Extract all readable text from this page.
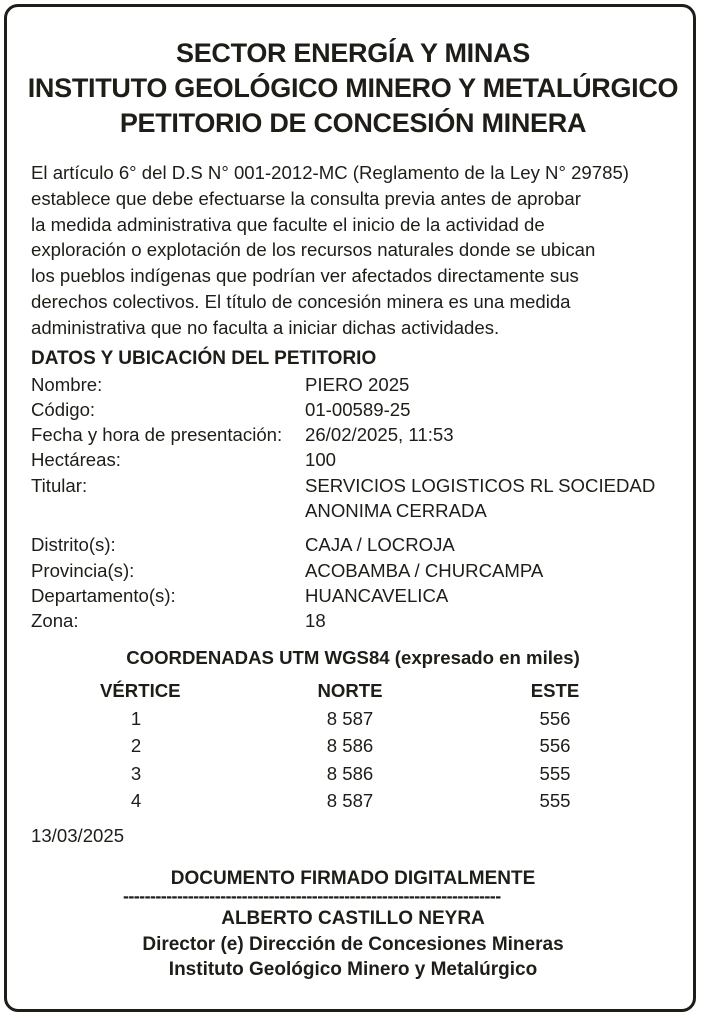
SECTOR ENERGÍA Y MINAS
INSTITUTO GEOLÓGICO MINERO Y METALÚRGICO
PETITORIO DE CONCESIÓN MINERA
El artículo 6° del D.S N° 001-2012-MC (Reglamento de la Ley N° 29785)
establece que debe efectuarse la consulta previa antes de aprobar
la medida administrativa que faculte el inicio de la actividad de
exploración o explotación de los recursos naturales donde se ubican
los pueblos indígenas que podrían ver afectados directamente sus
derechos colectivos. El título de concesión minera es una medida
administrativa que no faculta a iniciar dichas actividades.
DATOS Y UBICACIÓN DEL PETITORIO
Nombre:	PIERO 2025
Código:	01-00589-25
Fecha y hora de presentación: 26/02/2025, 11:53
Hectáreas:	100
Titular:	SERVICIOS LOGISTICOS RL SOCIEDAD
ANONIMA CERRADA
Distrito(s):	CAJA / LOCROJA
Provincia(s):	ACOBAMBA / CHURCAMPA
Departamento(s):	HUANCAVELICA
Zona:	18
COORDENADAS UTM WGS84 (expresado en miles)
VÉRTICE	NORTE	ESTE
1	8 587	556
2	8 586	556
3	8 586	555
4	8 587	555
13/03/2025
DOCUMENTO FIRMADO DIGITALMENTE
----------------------------------------------------------------------
ALBERTO CASTILLO NEYRA
Director (e) Dirección de Concesiones Mineras
Instituto Geológico Minero y Metalúrgico
